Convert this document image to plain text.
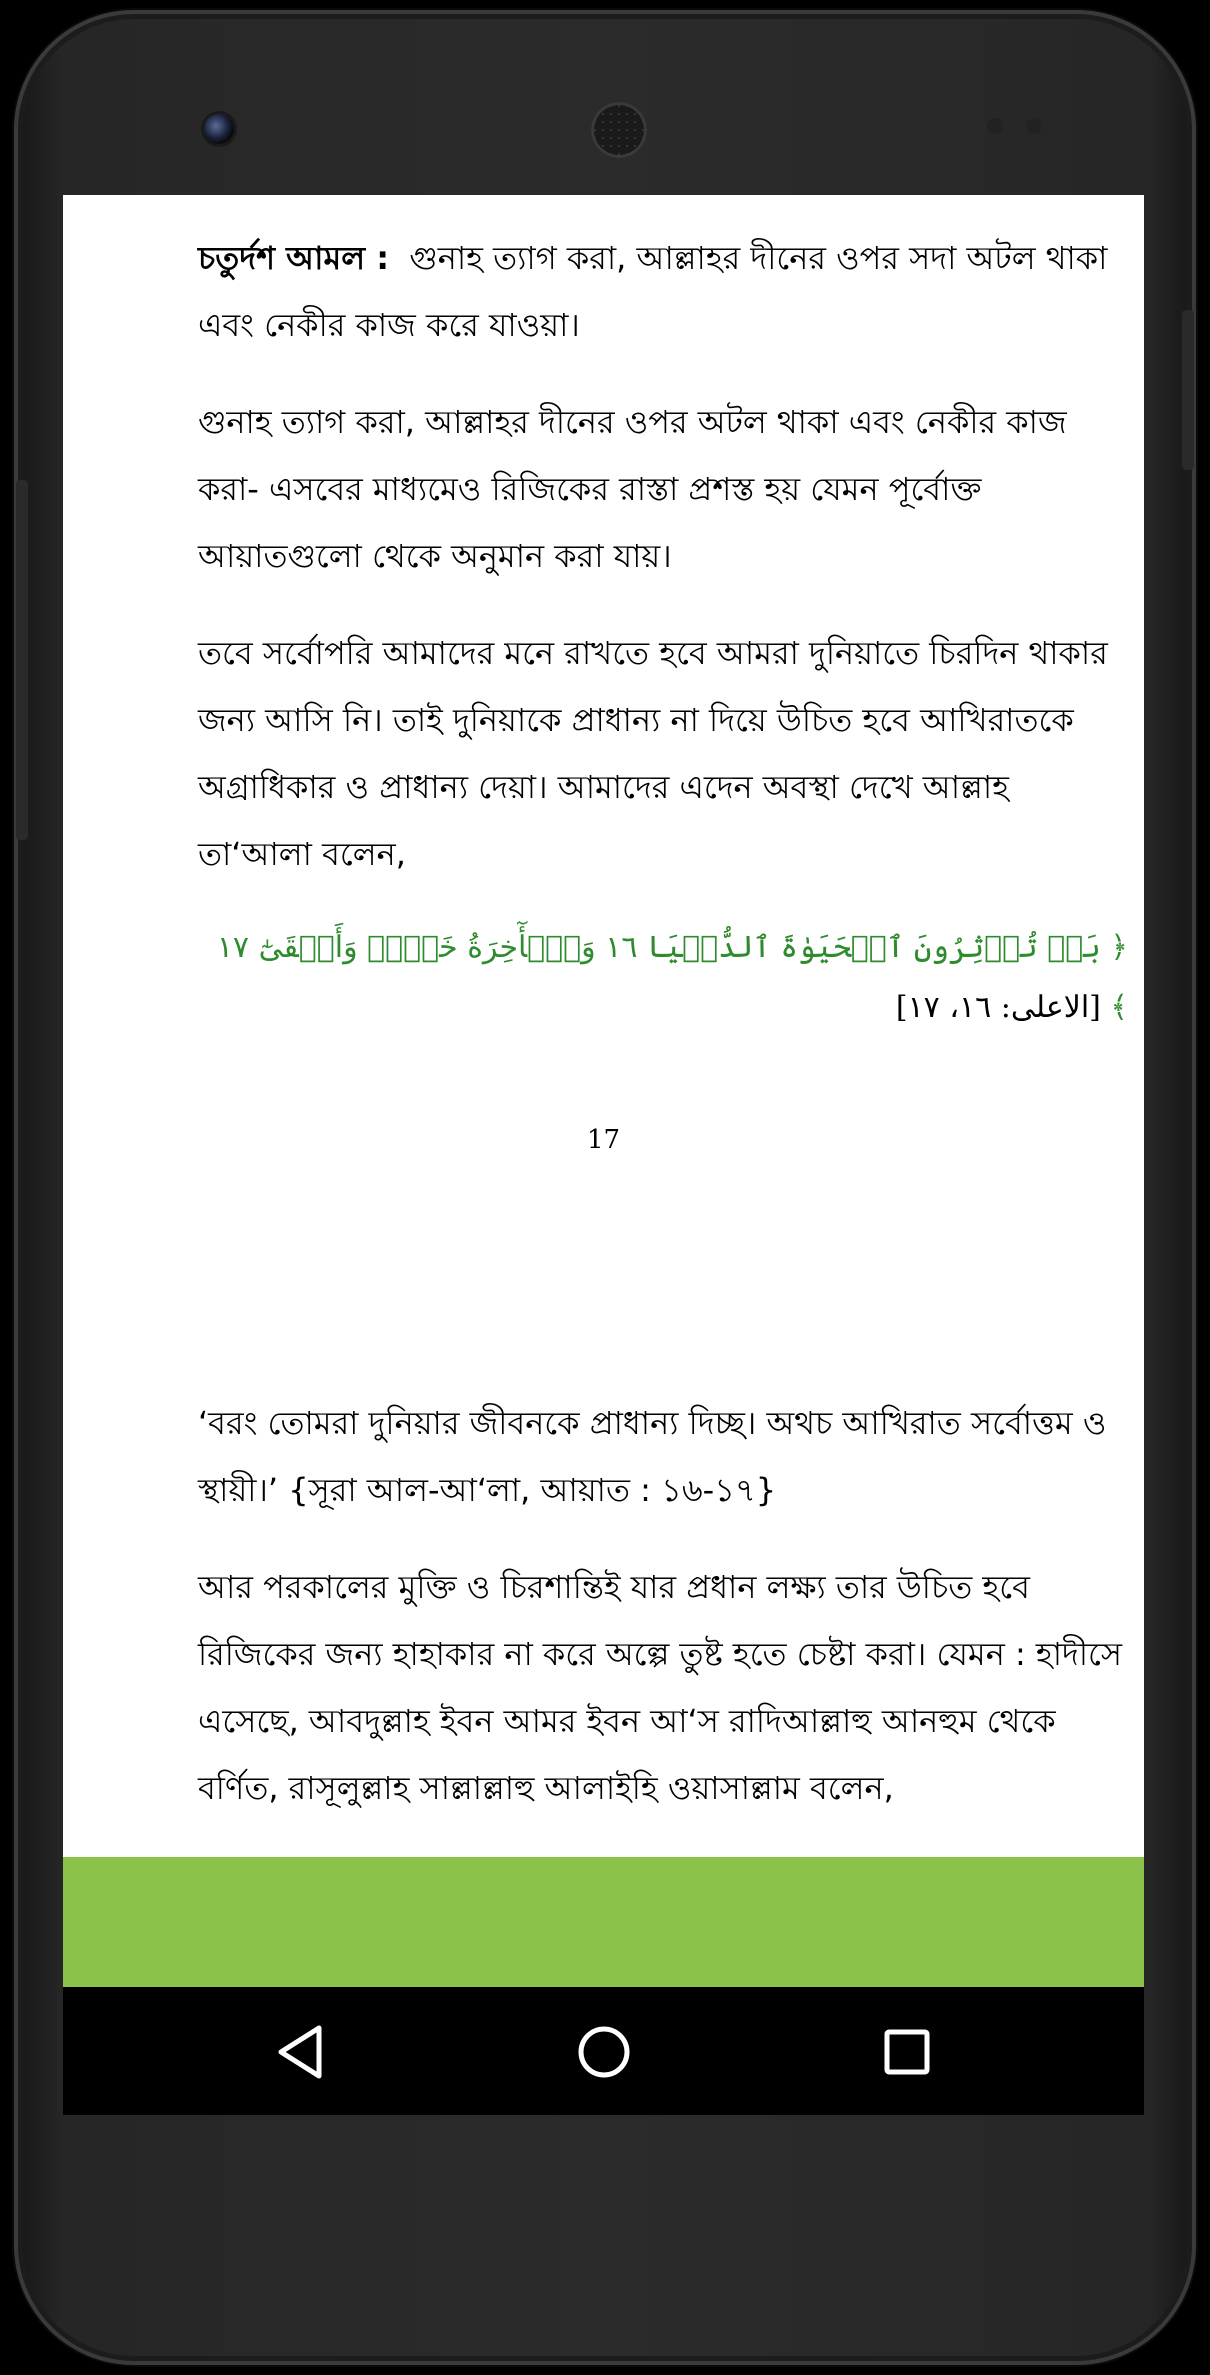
চতুর্দশ আমল :  গুনাহ ত্যাগ করা, আল্লাহর দীনের ওপর সদা অটল থাকা এবং নেকীর কাজ করে যাওয়া।

গুনাহ ত্যাগ করা, আল্লাহর দীনের ওপর অটল থাকা এবং নেকীর কাজ করা- এসবের মাধ্যমেও রিজিকের রাস্তা প্রশস্ত হয় যেমন পূর্বোক্ত আয়াতগুলো থেকে অনুমান করা যায়।

তবে সর্বোপরি আমাদের মনে রাখতে হবে আমরা দুনিয়াতে চিরদিন থাকার জন্য আসি নি। তাই দুনিয়াকে প্রাধান্য না দিয়ে উচিত হবে আখিরাতকে অগ্রাধিকার ও প্রাধান্য দেয়া। আমাদের এদেন অবস্থা দেখে আল্লাহ তা‘আলা বলেন,

﴿ بَلۡ تُؤۡثِرُونَ ٱلۡحَيَوٰةَ ٱلدُّنۡيَا ١٦ وَٱلۡأٓخِرَةُ خَيۡرٞ وَأَبۡقَىٰٓ ١٧ ﴾ [الاعلى: ١٦، ١٧]

17

‘বরং তোমরা দুনিয়ার জীবনকে প্রাধান্য দিচ্ছ। অথচ আখিরাত সর্বোত্তম ও স্থায়ী।’ {সূরা আল-আ‘লা, আয়াত : ১৬-১৭}

আর পরকালের মুক্তি ও চিরশান্তিই যার প্রধান লক্ষ্য তার উচিত হবে রিজিকের জন্য হাহাকার না করে অল্পে তুষ্ট হতে চেষ্টা করা। যেমন : হাদীসে এসেছে, আবদুল্লাহ ইবন আমর ইবন আ‘স রাদিআল্লাহু আনহুম থেকে বর্ণিত, রাসূলুল্লাহ সাল্লাল্লাহু আলাইহি ওয়াসাল্লাম বলেন,
